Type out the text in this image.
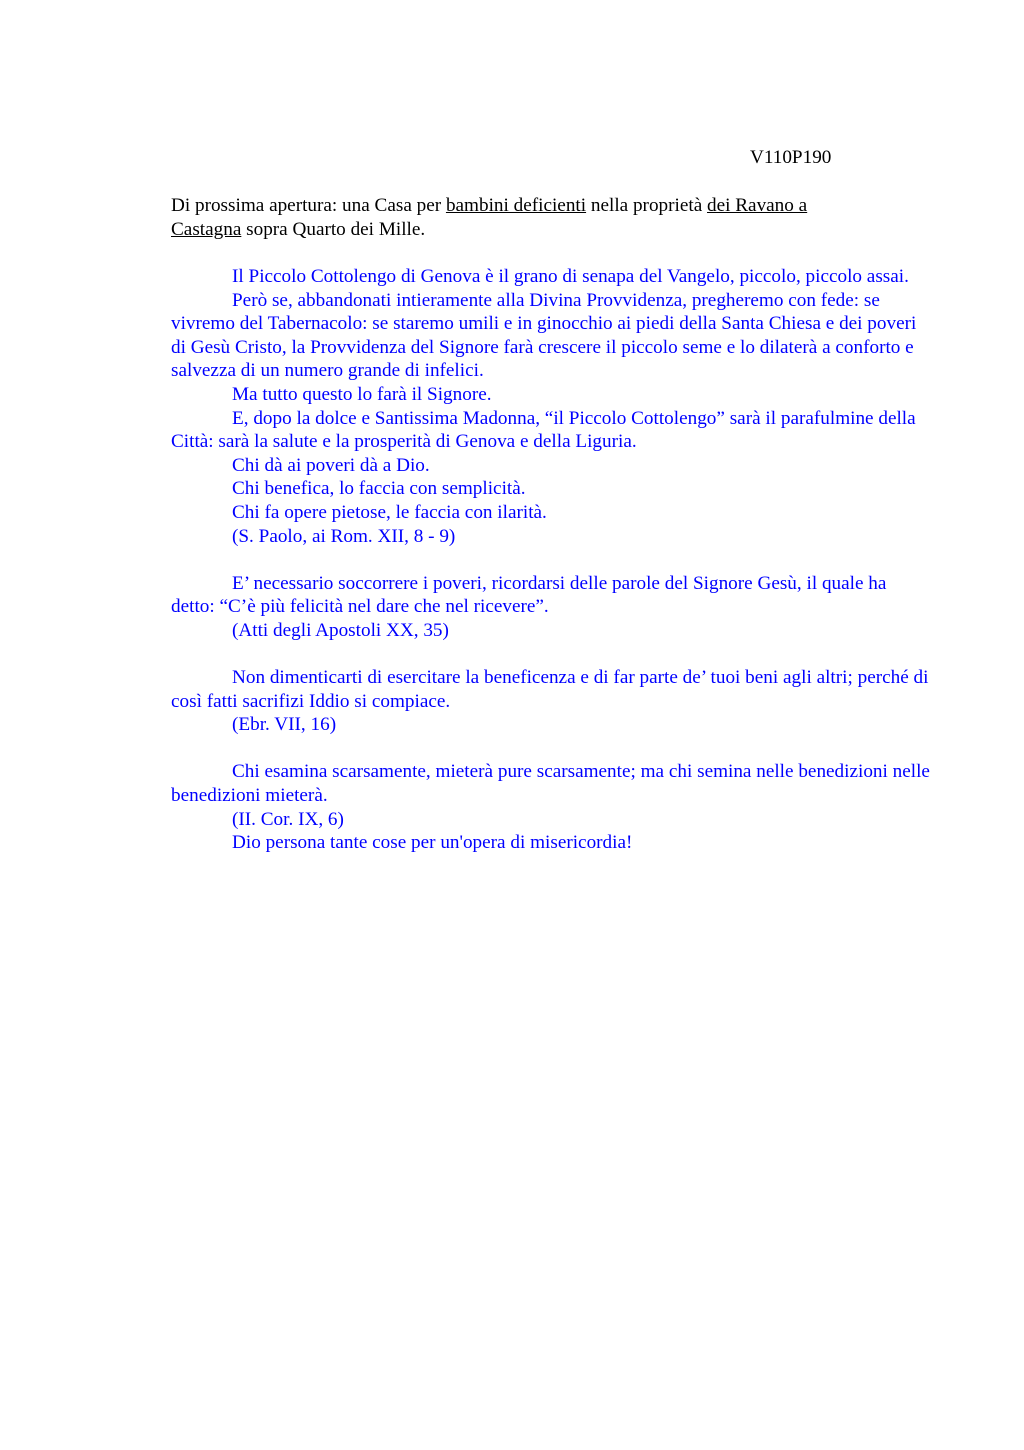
V110P190
Di prossima apertura: una Casa per bambini deficienti nella proprietà dei Ravano a Castagna sopra Quarto dei Mille.

Il Piccolo Cottolengo di Genova è il grano di senapa del Vangelo, piccolo, piccolo assai.

Però se, abbandonati intieramente alla Divina Provvidenza, pregheremo con fede: se vivremo del Tabernacolo: se staremo umili e in ginocchio ai piedi della Santa Chiesa e dei poveri di Gesù Cristo, la Provvidenza del Signore farà crescere il piccolo seme e lo dilaterà a conforto e salvezza di un numero grande di infelici.

Ma tutto questo lo farà il Signore.

E, dopo la dolce e Santissima Madonna, “il Piccolo Cottolengo” sarà il parafulmine della Città: sarà la salute e la prosperità di Genova e della Liguria.

Chi dà ai poveri dà a Dio.

Chi benefica, lo faccia con semplicità.

Chi fa opere pietose, le faccia con ilarità.

(S. Paolo, ai Rom. XII, 8 - 9)

E’ necessario soccorrere i poveri, ricordarsi delle parole del Signore Gesù, il quale ha detto: “C’è più felicità nel dare che nel ricevere”.

(Atti degli Apostoli XX, 35)

Non dimenticarti di esercitare la beneficenza e di far parte de’ tuoi beni agli altri; perché di così fatti sacrifizi Iddio si compiace.

(Ebr. VII, 16)

Chi esamina scarsamente, mieterà pure scarsamente; ma chi semina nelle benedizioni nelle benedizioni mieterà.

(II. Cor. IX, 6)

Dio persona tante cose per un'opera di misericordia!
